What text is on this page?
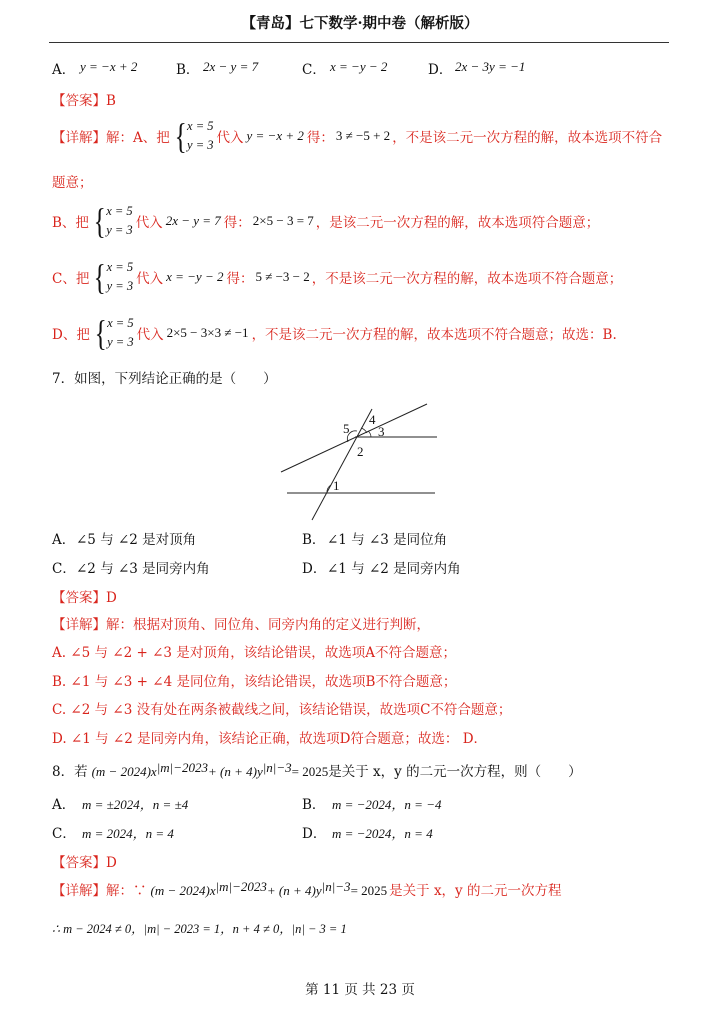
【青岛】七下数学·期中卷（解析版）
A． y = −x + 2	B． 2x − y = 7	C． x = −y − 2	D． 2x − 3y = −1
【答案】B
【详解】解：A、把 { x = 5
y = 3 代入 y = −x + 2 得： 3 ≠ −5 + 2 ，不是该二元一次方程的解，故本选项不符合
题意；
B、把 { x = 5
y = 3 代入 2x − y = 7 得： 2×5 − 3 = 7 ，是该二元一次方程的解，故本选项符合题意；
C、把 { x = 5
y = 3 代入 x = −y − 2 得： 5 ≠ −3 − 2 ，不是该二元一次方程的解，故本选项不符合题意；
D、把 { x = 5
y = 3 代入 2×5 − 3×3 ≠ −1 ，不是该二元一次方程的解，故本选项不符合题意；故选：B.
7．如图，下列结论正确的是（　　）
5
4
3
2
1
A． ∠5 与 ∠2 是对顶角	B． ∠1 与 ∠3 是同位角
C． ∠2 与 ∠3 是同旁内角	D． ∠1 与 ∠2 是同旁内角
【答案】D
【详解】解：根据对顶角、同位角、同旁内角的定义进行判断，
A. ∠5 与 ∠2 + ∠3 是对顶角，该结论错误，故选项A不符合题意；
B. ∠1 与 ∠3 + ∠4 是同位角，该结论错误，故选项B不符合题意；
C. ∠2 与 ∠3 没有处在两条被截线之间，该结论错误，故选项C不符合题意；
D. ∠1 与 ∠2 是同旁内角，该结论正确，故选项D符合题意；故选： D．
8． 若 (m − 2024)x |m|−2023 + (n + 4)y |n|−3 = 2025 是关于 x，y 的二元一次方程，则（　　）
A． m = ±2024，n = ±4	B． m = −2024，n = −4
C． m = 2024，n = 4	D． m = −2024，n = 4
【答案】D
【详解】解：∵ (m − 2024)x |m|−2023 + (n + 4)y |n|−3 = 2025 是关于 x，y 的二元一次方程
∴ m − 2024 ≠ 0，|m| − 2023 = 1，n + 4 ≠ 0，|n| − 3 = 1
第 11 页 共 23 页
